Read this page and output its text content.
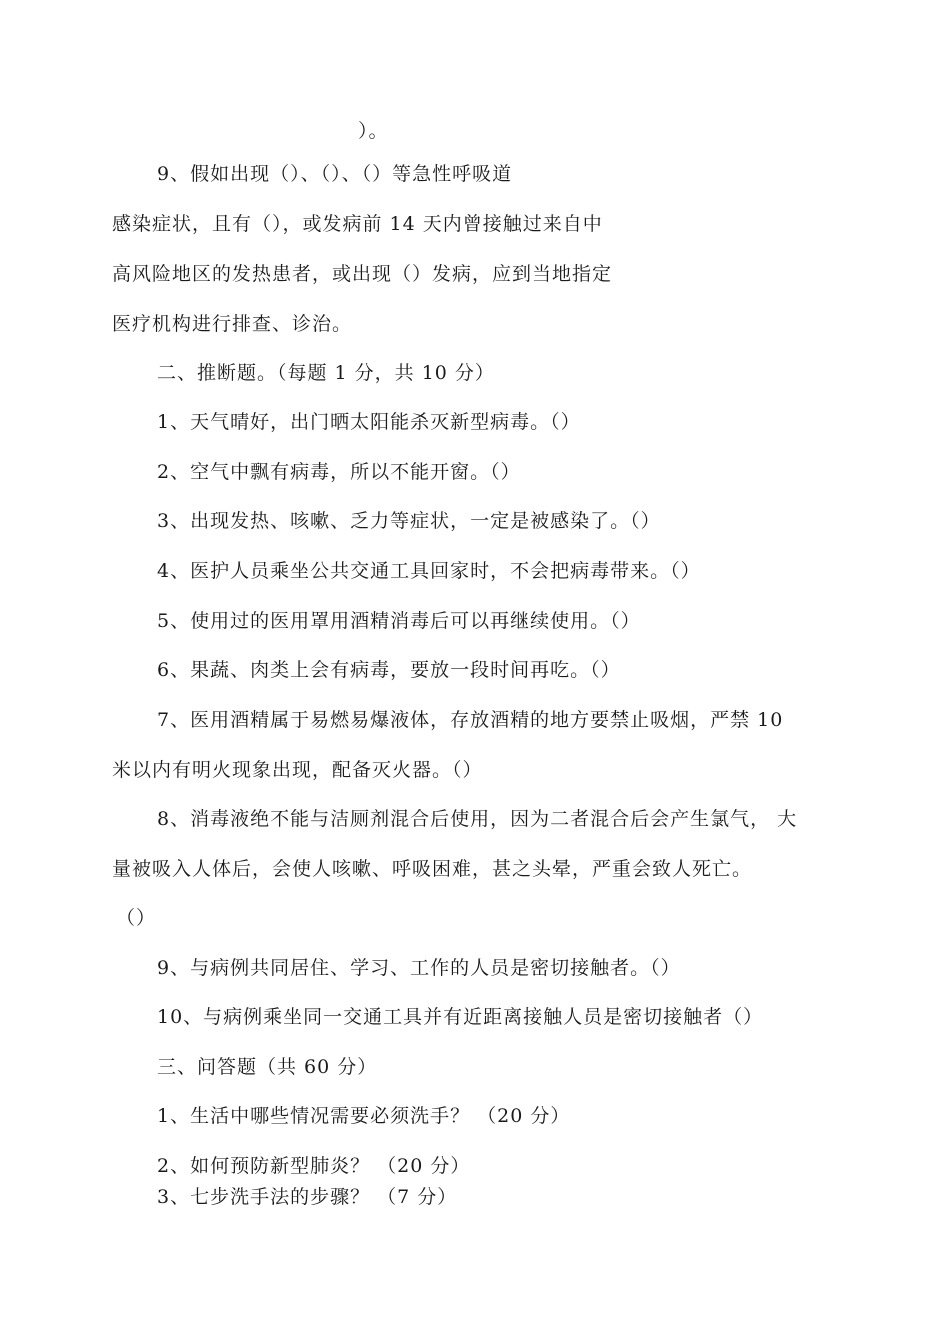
）。
9、假如出现（）、（）、（）等急性呼吸道
感染症状，且有（），或发病前 14 天内曾接触过来自中
高风险地区的发热患者，或出现（）发病，应到当地指定
医疗机构进行排查、诊治。
二、推断题。（每题 1 分，共 10 分）
1、天气晴好，出门晒太阳能杀灭新型病毒。（）
2、空气中飘有病毒，所以不能开窗。（）
3、出现发热、咳嗽、乏力等症状，一定是被感染了。（）
4、医护人员乘坐公共交通工具回家时，不会把病毒带来。（）
5、使用过的医用罩用酒精消毒后可以再继续使用。（）
6、果蔬、肉类上会有病毒，要放一段时间再吃。（）
7、医用酒精属于易燃易爆液体，存放酒精的地方要禁止吸烟，严禁 10
米以内有明火现象出现，配备灭火器。（）
8、消毒液绝不能与洁厕剂混合后使用，因为二者混合后会产生氯气， 大
量被吸入人体后，会使人咳嗽、呼吸困难，甚之头晕，严重会致人死亡。
（）
9、与病例共同居住、学习、工作的人员是密切接触者。（）
10、与病例乘坐同一交通工具并有近距离接触人员是密切接触者（）
三、问答题（共 60 分）
1、生活中哪些情况需要必须洗手？ （20 分）
2、如何预防新型肺炎？ （20 分）
3、七步洗手法的步骤？ （7 分）
